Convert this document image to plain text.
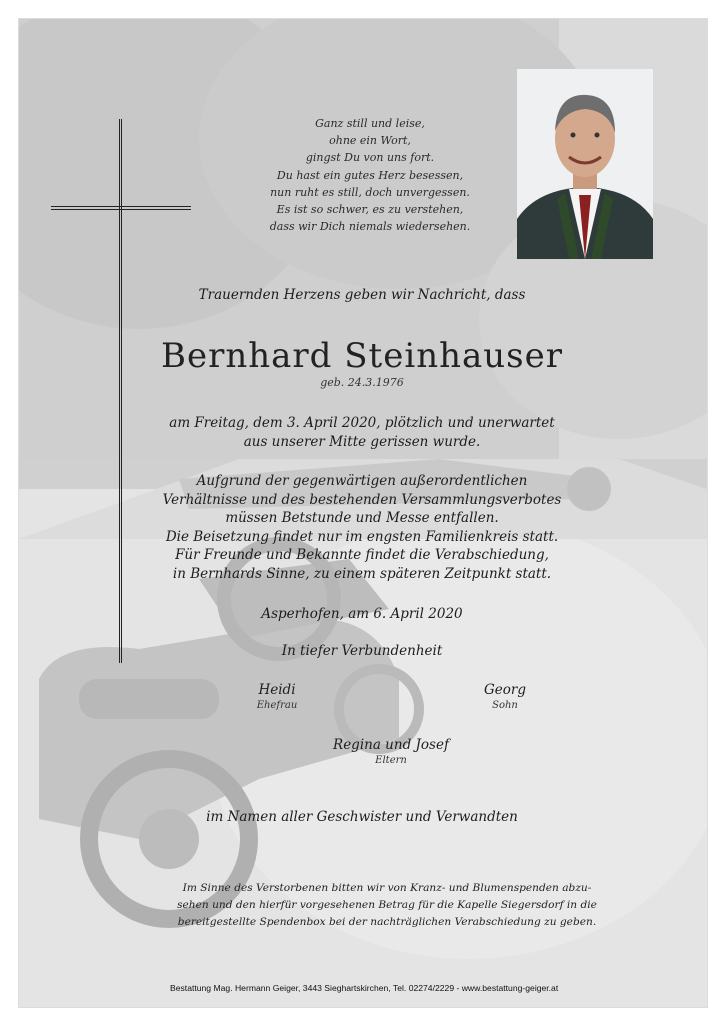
Ganz still und leise,
ohne ein Wort,
gingst Du von uns fort.
Du hast ein gutes Herz besessen,
nun ruht es still, doch unvergessen.
Es ist so schwer, es zu verstehen,
dass wir Dich niemals wiedersehen.
Trauernden Herzens geben wir Nachricht, dass
Bernhard Steinhauser
geb. 24.3.1976
am Freitag, dem 3. April 2020, plötzlich und unerwartet
aus unserer Mitte gerissen wurde.
Aufgrund der gegenwärtigen außerordentlichen
Verhältnisse und des bestehenden Versammlungsverbotes
müssen Betstunde und Messe entfallen.
Die Beisetzung findet nur im engsten Familienkreis statt.
Für Freunde und Bekannte findet die Verabschiedung,
in Bernhards Sinne, zu einem späteren Zeitpunkt statt.
Asperhofen, am 6. April 2020
In tiefer Verbundenheit
Heidi
Ehefrau
Georg
Sohn
Regina und Josef
Eltern
im Namen aller Geschwister und Verwandten
Im Sinne des Verstorbenen bitten wir von Kranz- und Blumenspenden abzu-
sehen und den hierfür vorgesehenen Betrag für die Kapelle Siegersdorf in die
bereitgestellte Spendenbox bei der nachträglichen Verabschiedung zu geben.
Bestattung Mag. Hermann Geiger, 3443 Sieghartskirchen, Tel. 02274/2229 - www.bestattung-geiger.at
